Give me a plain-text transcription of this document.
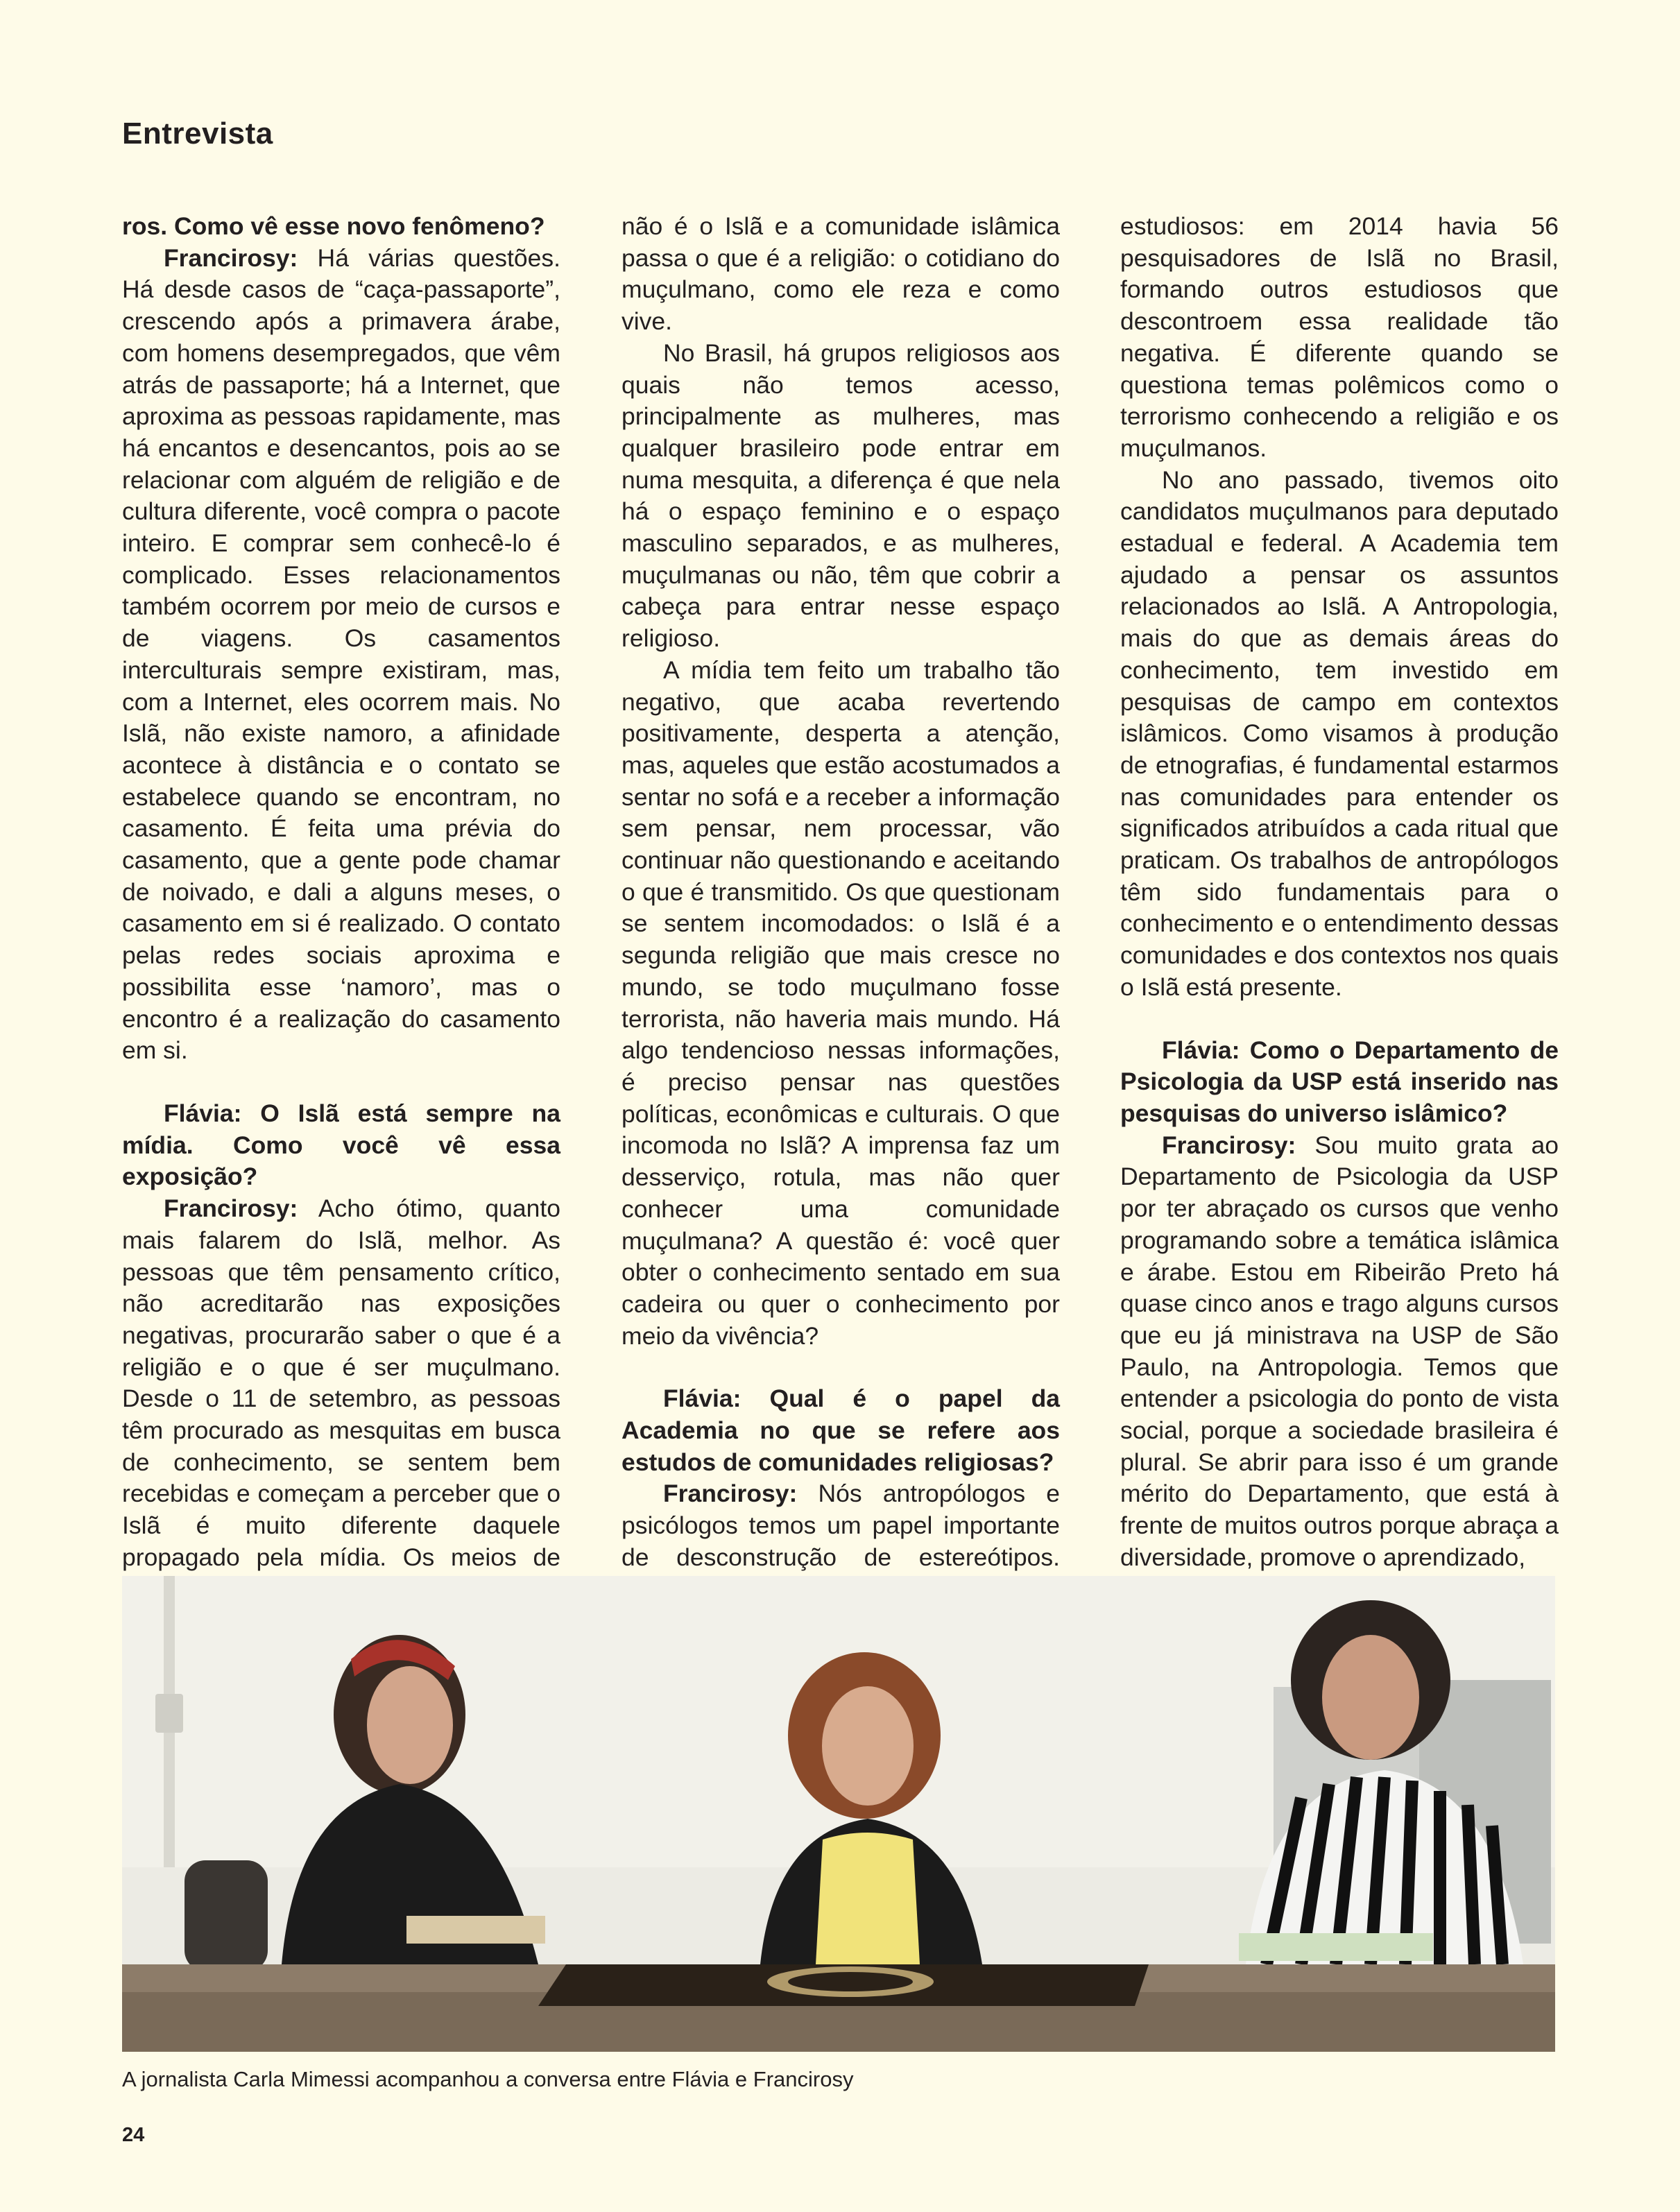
Entrevista

ros. Como vê esse novo fenômeno?

Francirosy: Há várias questões. Há desde casos de “caça-passaporte”, crescendo após a primavera árabe, com homens desempregados, que vêm atrás de passaporte; há a Internet, que aproxima as pessoas rapidamente, mas há encantos e desencantos, pois ao se relacionar com alguém de religião e de cultura diferente, você compra o pacote inteiro. E comprar sem conhecê-lo é complicado. Esses relacionamentos também ocorrem por meio de cursos e de viagens. Os casamentos interculturais sempre existiram, mas, com a Internet, eles ocorrem mais. No Islã, não existe namoro, a afinidade acontece à distância e o contato se estabelece quando se encontram, no casamento. É feita uma prévia do casamento, que a gente pode chamar de noivado, e dali a alguns meses, o casamento em si é realizado. O contato pelas redes sociais aproxima e possibilita esse ‘namoro’, mas o encontro é a realização do casamento em si.

Flávia: O Islã está sempre na mídia. Como você vê essa exposição?

Francirosy: Acho ótimo, quanto mais falarem do Islã, melhor. As pessoas que têm pensamento crítico, não acreditarão nas exposições negativas, procurarão saber o que é a religião e o que é ser muçulmano. Desde o 11 de setembro, as pessoas têm procurado as mesquitas em busca de conhecimento, se sentem bem recebidas e começam a perceber que o Islã é muito diferente daquele propagado pela mídia. Os meios de

não é o Islã e a comunidade islâmica passa o que é a religião: o cotidiano do muçulmano, como ele reza e como vive.

No Brasil, há grupos religiosos aos quais não temos acesso, principalmente as mulheres, mas qualquer brasileiro pode entrar em numa mesquita, a diferença é que nela há o espaço feminino e o espaço masculino separados, e as mulheres, muçulmanas ou não, têm que cobrir a cabeça para entrar nesse espaço religioso.

A mídia tem feito um trabalho tão negativo, que acaba revertendo positivamente, desperta a atenção, mas, aqueles que estão acostumados a sentar no sofá e a receber a informação sem pensar, nem processar, vão continuar não questionando e aceitando o que é transmitido. Os que questionam se sentem incomodados: o Islã é a segunda religião que mais cresce no mundo, se todo muçulmano fosse terrorista, não haveria mais mundo. Há algo tendencioso nessas informações, é preciso pensar nas questões políticas, econômicas e culturais. O que incomoda no Islã? A imprensa faz um desserviço, rotula, mas não quer conhecer uma comunidade muçulmana? A questão é: você quer obter o conhecimento sentado em sua cadeira ou quer o conhecimento por meio da vivência?

Flávia: Qual é o papel da Academia no que se refere aos estudos de comunidades religiosas?

Francirosy: Nós antropólogos e psicólogos temos um papel importante de desconstrução de estereótipos.

estudiosos: em 2014 havia 56 pesquisadores de Islã no Brasil, formando outros estudiosos que descontroem essa realidade tão negativa. É diferente quando se questiona temas polêmicos como o terrorismo conhecendo a religião e os muçulmanos.

No ano passado, tivemos oito candidatos muçulmanos para deputado estadual e federal. A Academia tem ajudado a pensar os assuntos relacionados ao Islã. A Antropologia, mais do que as demais áreas do conhecimento, tem investido em pesquisas de campo em contextos islâmicos. Como visamos à produção de etnografias, é fundamental estarmos nas comunidades para entender os significados atribuídos a cada ritual que praticam. Os trabalhos de antropólogos têm sido fundamentais para o conhecimento e o entendimento dessas comunidades e dos contextos nos quais o Islã está presente.

Flávia: Como o Departamento de Psicologia da USP está inserido nas pesquisas do universo islâmico?

Francirosy: Sou muito grata ao Departamento de Psicologia da USP por ter abraçado os cursos que venho programando sobre a temática islâmica e árabe. Estou em Ribeirão Preto há quase cinco anos e trago alguns cursos que eu já ministrava na USP de São Paulo, na Antropologia. Temos que entender a psicologia do ponto de vista social, porque a sociedade brasileira é plural. Se abrir para isso é um grande mérito do Departamento, que está à frente de muitos outros porque abraça a diversidade, promove o aprendizado,

A jornalista Carla Mimessi acompanhou a conversa entre Flávia e Francirosy
24
